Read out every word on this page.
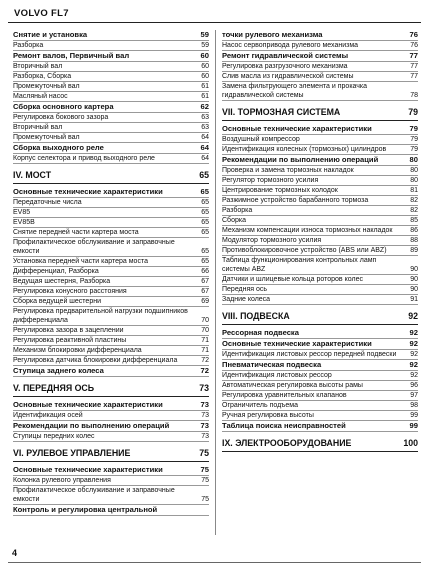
VOLVO FL7
Снятие и установка	59
Разборка	59
Ремонт валов, Первичный вал	60
Вторичный вал	60
Разборка, Сборка	60
Промежуточный вал	61
Масляный насос	61
Сборка основного картера	62
Регулировка бокового зазора	63
Вторичный вал	63
Промежуточный вал	64
Сборка выходного реле	64
Корпус селектора и привод выходного реле	64
IV. МОСТ	65
Основные технические характеристики	65
Передаточные числа	65
EV85	65
EV85B	65
Снятие передней части картера моста	65
Профилактическое обслуживание и заправочные емкости	65
Установка передней части картера моста	65
Дифференциал, Разборка	66
Ведущая шестерня, Разборка	67
Регулировка конусного расстояния	67
Сборка ведущей шестерни	69
Регулировка предварительной нагрузки подшипников дифференциала	70
Регулировка зазора в зацеплении	70
Регулировка реактивной пластины	71
Механизм блокировки дифференциала	71
Регулировка датчика блокировки дифференциала	72
Ступица заднего колеса	72
V. ПЕРЕДНЯЯ ОСЬ	73
Основные технические характеристики	73
Идентификация осей	73
Рекомендации по выполнению операций	73
Ступицы передних колес	73
VI. РУЛЕВОЕ УПРАВЛЕНИЕ	75
Основные технические характеристики	75
Колонка рулевого управления	75
Профилактическое обслуживание и заправочные емкости	75
Контроль и регулировка центральной
точки рулевого механизма	76
Насос сервопривода рулевого механизма	76
Ремонт гидравлической системы	77
Регулировка разгрузочного механизма	77
Слив масла из гидравлической системы	77
Замена фильтрующего элемента и прокачка гидравлической системы	78
VII. ТОРМОЗНАЯ СИСТЕМА	79
Основные технические характеристики	79
Воздушный компрессор	79
Идентификация колесных (тормозных) цилиндров	79
Рекомендации по выполнению операций	80
Проверка и замена тормозных накладок	80
Регулятор тормозного усилия	80
Центрирование тормозных колодок	81
Разжимное устройство барабанного тормоза	82
Разборка	82
Сборка	85
Механизм компенсации износа тормозных накладок	86
Модулятор тормозного усилия	88
Противоблокировочное устройство (ABS или ABZ)	89
Таблица функционирования контрольных ламп системы ABZ	90
Датчики и шлицевые кольца роторов колес	90
Передняя ось	90
Задние колеса	91
VIII. ПОДВЕСКА	92
Рессорная подвеска	92
Основные технические характеристики	92
Идентификация листовых рессор передней подвески 92
Пневматическая подвеска	92
Идентификация листовых рессор	92
Автоматическая регулировка высоты рамы	96
Регулировка уравнительных клапанов	97
Ограничитель подъема	98
Ручная регулировка высоты	99
Таблица поиска неисправностей	99
IX. ЭЛЕКТРООБОРУДОВАНИЕ	100
4
